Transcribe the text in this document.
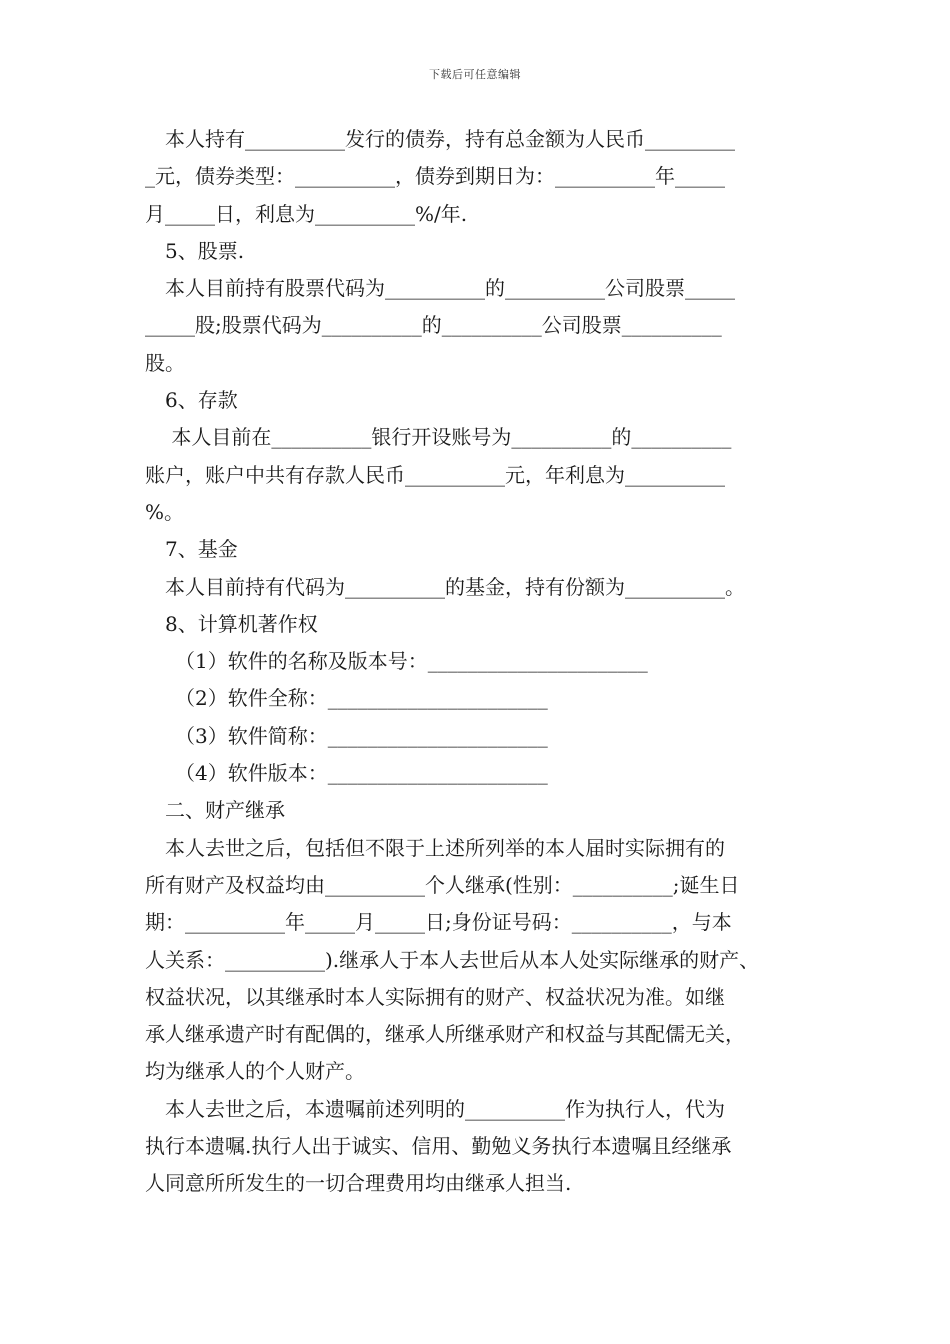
下载后可任意编辑
本人持有__________发行的债券，持有总金额为人民币_________
_元，债券类型：__________，债券到期日为：__________年_____
月_____日，利息为__________%/年.
5、股票.
本人目前持有股票代码为__________的__________公司股票_____
_____股;股票代码为__________的__________公司股票__________
股。
6、存款
本人目前在__________银行开设账号为__________的__________
账户，账户中共有存款人民币__________元，年利息为__________
%。
7、基金
本人目前持有代码为__________的基金，持有份额为__________。
8、计算机著作权
（1）软件的名称及版本号：______________________
（2）软件全称：______________________
（3）软件简称：______________________
（4）软件版本：______________________
二、财产继承
本人去世之后，包括但不限于上述所列举的本人届时实际拥有的
所有财产及权益均由__________个人继承(性别：__________;诞生日
期：__________年_____月_____日;身份证号码：__________，与本
人关系：__________).继承人于本人去世后从本人处实际继承的财产、
权益状况，以其继承时本人实际拥有的财产、权益状况为准。如继
承人继承遗产时有配偶的，继承人所继承财产和权益与其配儒无关，
均为继承人的个人财产。
本人去世之后，本遗嘱前述列明的__________作为执行人，代为
执行本遗嘱.执行人出于诚实、信用、勤勉义务执行本遗嘱且经继承
人同意所所发生的一切合理费用均由继承人担当.
